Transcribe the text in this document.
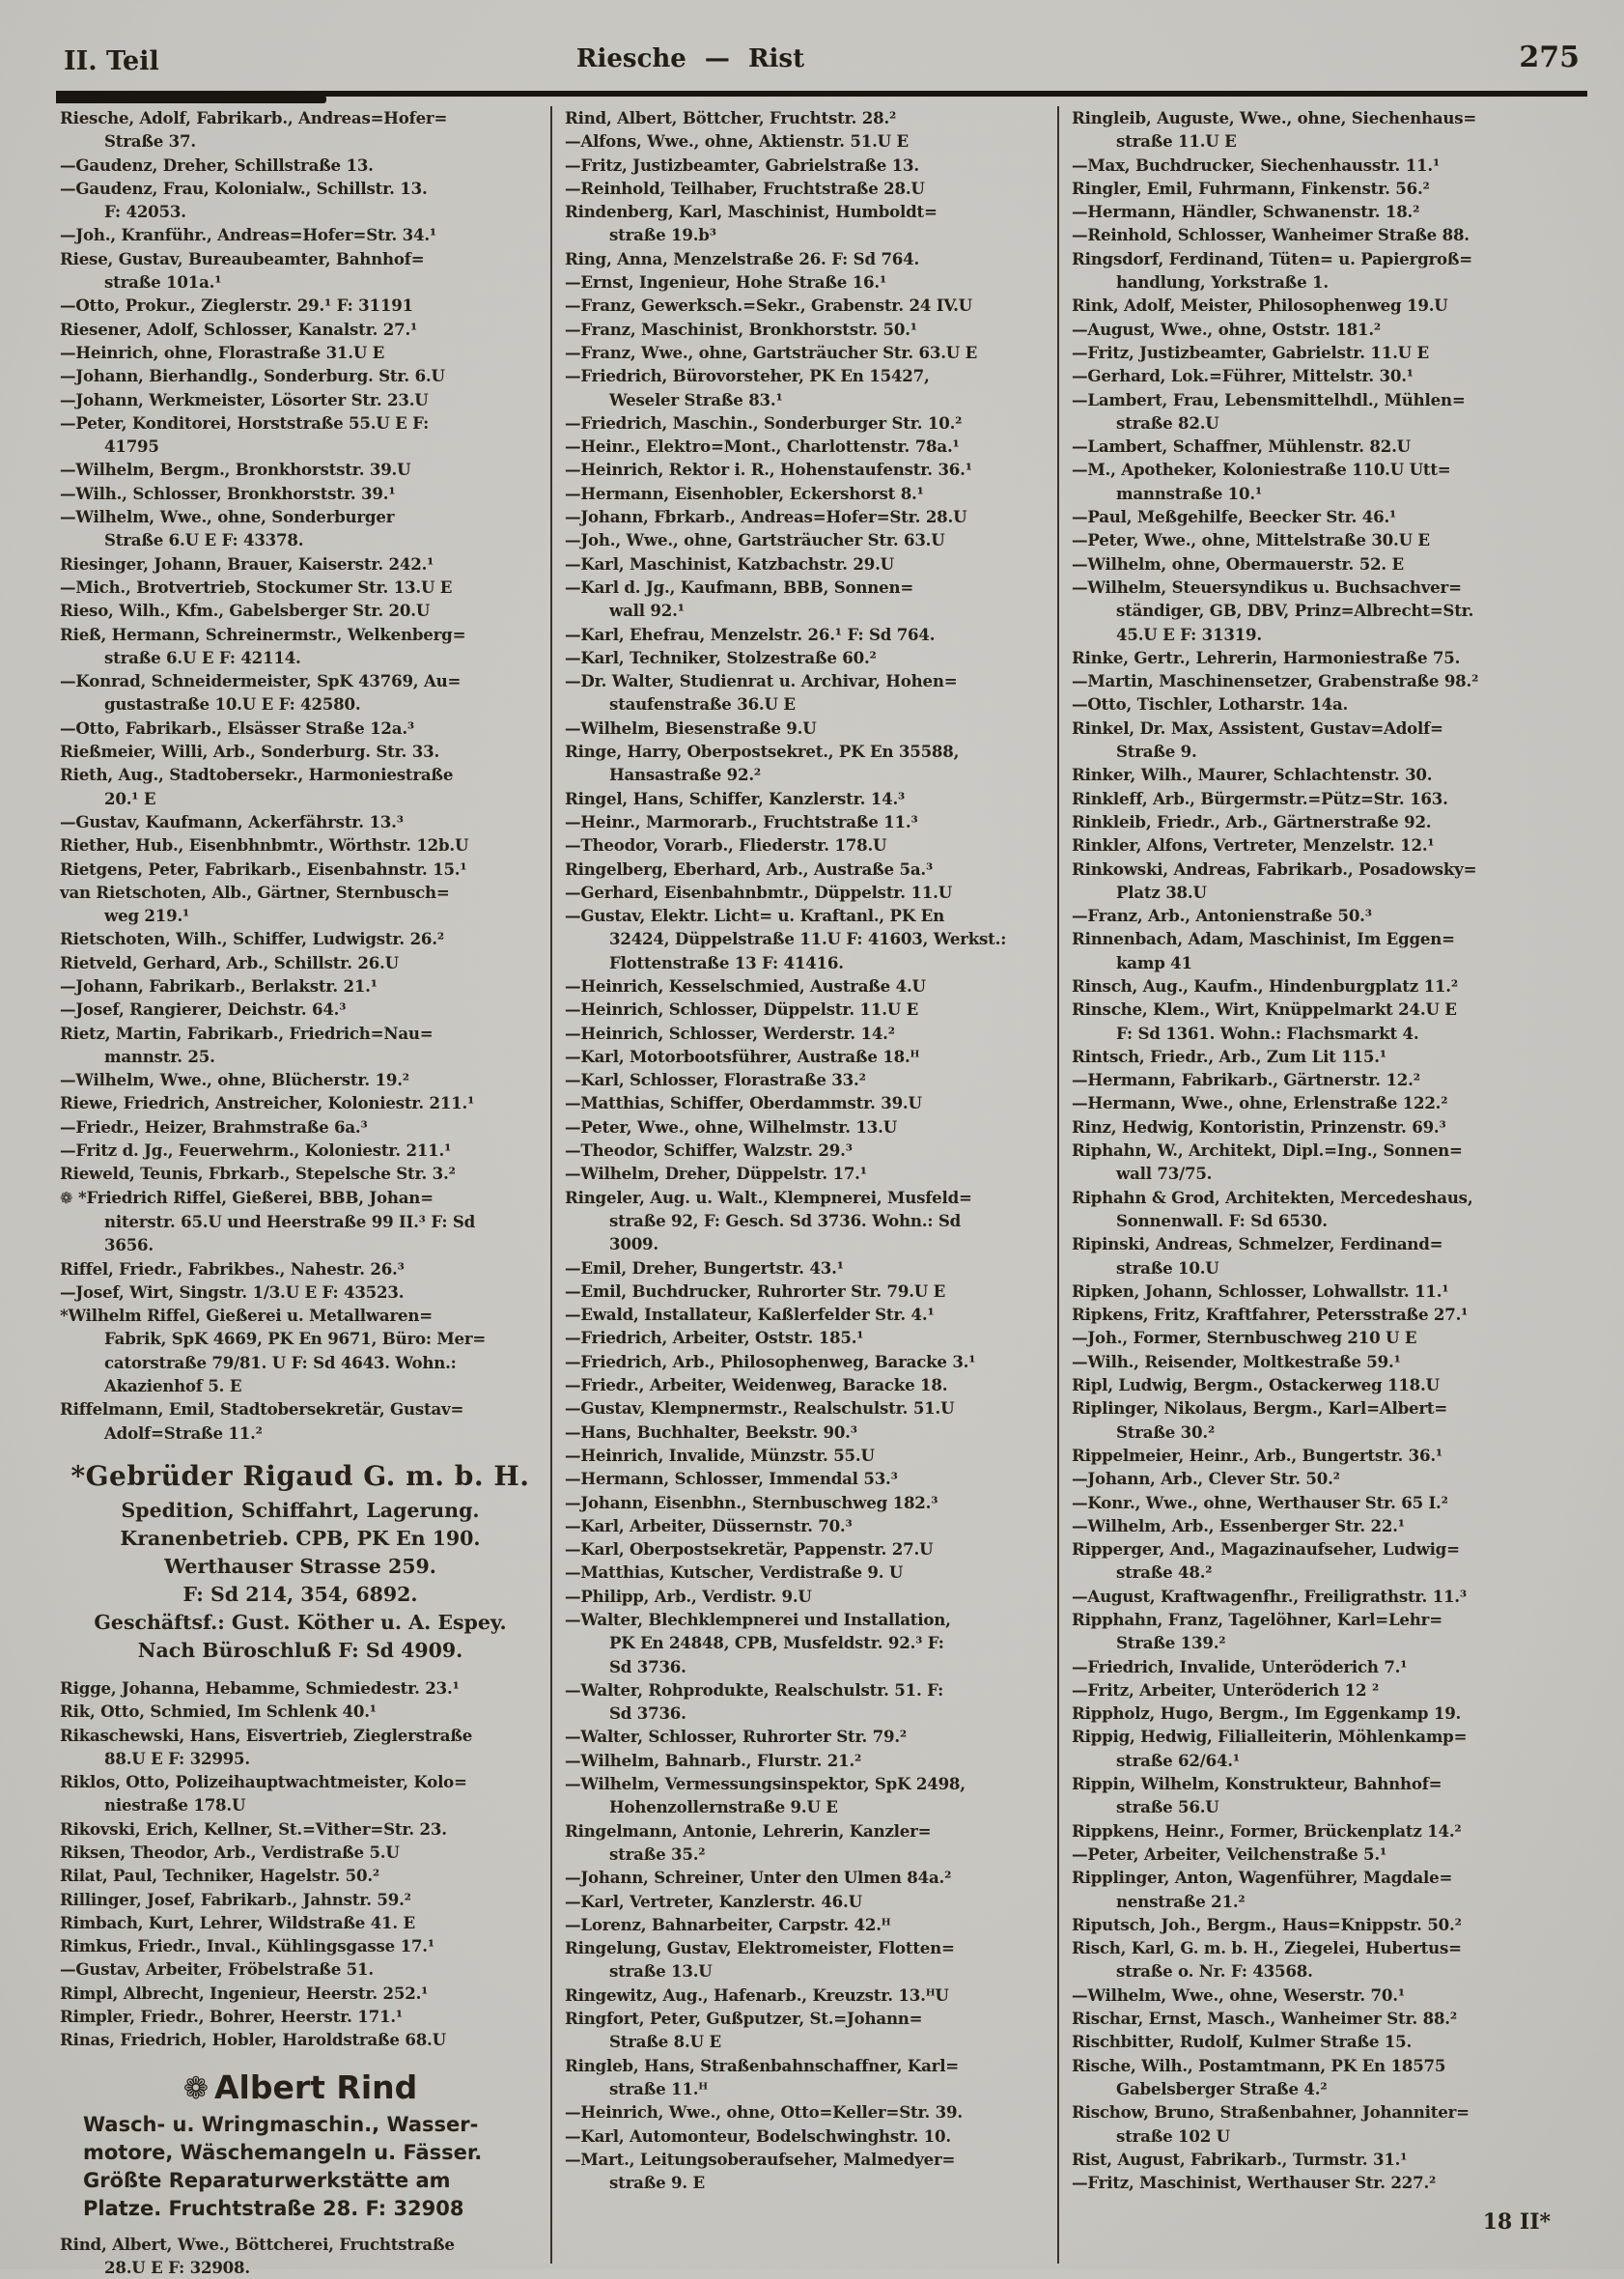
II. Teil	Riesche — Rist	275
Riesche, Adolf, Fabrikarb., Andreas=Hofer=
Straße 37.
—Gaudenz, Dreher, Schillstraße 13.
—Gaudenz, Frau, Kolonialw., Schillstr. 13.
F: 42053.
—Joh., Kranführ., Andreas=Hofer=Str. 34.¹
Riese, Gustav, Bureaubeamter, Bahnhof=
straße 101a.¹
—Otto, Prokur., Zieglerstr. 29.¹ F: 31191
Riesener, Adolf, Schlosser, Kanalstr. 27.¹
—Heinrich, ohne, Florastraße 31.U E
—Johann, Bierhandlg., Sonderburg. Str. 6.U
—Johann, Werkmeister, Lösorter Str. 23.U
—Peter, Konditorei, Horststraße 55.U E F:
41795
—Wilhelm, Bergm., Bronkhorststr. 39.U
—Wilh., Schlosser, Bronkhorststr. 39.¹
—Wilhelm, Wwe., ohne, Sonderburger
Straße 6.U E F: 43378.
Riesinger, Johann, Brauer, Kaiserstr. 242.¹
—Mich., Brotvertrieb, Stockumer Str. 13.U E
Rieso, Wilh., Kfm., Gabelsberger Str. 20.U
Rieß, Hermann, Schreinermstr., Welkenberg=
straße 6.U E F: 42114.
—Konrad, Schneidermeister, SpK 43769, Au=
gustastraße 10.U E F: 42580.
—Otto, Fabrikarb., Elsässer Straße 12a.³
Rießmeier, Willi, Arb., Sonderburg. Str. 33.
Rieth, Aug., Stadtobersekr., Harmoniestraße
20.¹ E
—Gustav, Kaufmann, Ackerfährstr. 13.³
Riether, Hub., Eisenbhnbmtr., Wörthstr. 12b.U
Rietgens, Peter, Fabrikarb., Eisenbahnstr. 15.¹
van Rietschoten, Alb., Gärtner, Sternbusch=
weg 219.¹
Rietschoten, Wilh., Schiffer, Ludwigstr. 26.²
Rietveld, Gerhard, Arb., Schillstr. 26.U
—Johann, Fabrikarb., Berlakstr. 21.¹
—Josef, Rangierer, Deichstr. 64.³
Rietz, Martin, Fabrikarb., Friedrich=Nau=
mannstr. 25.
—Wilhelm, Wwe., ohne, Blücherstr. 19.²
Riewe, Friedrich, Anstreicher, Koloniestr. 211.¹
—Friedr., Heizer, Brahmstraße 6a.³
—Fritz d. Jg., Feuerwehrm., Koloniestr. 211.¹
Rieweld, Teunis, Fbrkarb., Stepelsche Str. 3.²
❁ *Friedrich Riffel, Gießerei, BBB, Johan=
niterstr. 65.U und Heerstraße 99 II.³ F: Sd
3656.
Riffel, Friedr., Fabrikbes., Nahestr. 26.³
—Josef, Wirt, Singstr. 1/3.U E F: 43523.
*Wilhelm Riffel, Gießerei u. Metallwaren=
Fabrik, SpK 4669, PK En 9671, Büro: Mer=
catorstraße 79/81. U F: Sd 4643. Wohn.:
Akazienhof 5. E
Riffelmann, Emil, Stadtobersekretär, Gustav=
Adolf=Straße 11.²
*Gebrüder Rigaud G. m. b. H.
Spedition, Schiffahrt, Lagerung.
Kranenbetrieb. CPB, PK En 190.
Werthauser Strasse 259.
F: Sd 214, 354, 6892.
Geschäftsf.: Gust. Köther u. A. Espey.
Nach Büroschluß F: Sd 4909.
Rigge, Johanna, Hebamme, Schmiedestr. 23.¹
Rik, Otto, Schmied, Im Schlenk 40.¹
Rikaschewski, Hans, Eisvertrieb, Zieglerstraße
88.U E F: 32995.
Riklos, Otto, Polizeihauptwachtmeister, Kolo=
niestraße 178.U
Rikovski, Erich, Kellner, St.=Vither=Str. 23.
Riksen, Theodor, Arb., Verdistraße 5.U
Rilat, Paul, Techniker, Hagelstr. 50.²
Rillinger, Josef, Fabrikarb., Jahnstr. 59.²
Rimbach, Kurt, Lehrer, Wildstraße 41. E
Rimkus, Friedr., Inval., Kühlingsgasse 17.¹
—Gustav, Arbeiter, Fröbelstraße 51.
Rimpl, Albrecht, Ingenieur, Heerstr. 252.¹
Rimpler, Friedr., Bohrer, Heerstr. 171.¹
Rinas, Friedrich, Hobler, Haroldstraße 68.U
❁ Albert Rind
Wasch- u. Wringmaschin., Wasser-
motore, Wäschemangeln u. Fässer.
Größte Reparaturwerkstätte am
Platze. Fruchtstraße 28. F: 32908
Rind, Albert, Wwe., Böttcherei, Fruchtstraße
28.U E F: 32908.
Rind, Albert, Böttcher, Fruchtstr. 28.²
—Alfons, Wwe., ohne, Aktienstr. 51.U E
—Fritz, Justizbeamter, Gabrielstraße 13.
—Reinhold, Teilhaber, Fruchtstraße 28.U
Rindenberg, Karl, Maschinist, Humboldt=
straße 19.b³
Ring, Anna, Menzelstraße 26. F: Sd 764.
—Ernst, Ingenieur, Hohe Straße 16.¹
—Franz, Gewerksch.=Sekr., Grabenstr. 24 IV.U
—Franz, Maschinist, Bronkhorststr. 50.¹
—Franz, Wwe., ohne, Gartsträucher Str. 63.U E
—Friedrich, Bürovorsteher, PK En 15427,
Weseler Straße 83.¹
—Friedrich, Maschin., Sonderburger Str. 10.²
—Heinr., Elektro=Mont., Charlottenstr. 78a.¹
—Heinrich, Rektor i. R., Hohenstaufenstr. 36.¹
—Hermann, Eisenhobler, Eckershorst 8.¹
—Johann, Fbrkarb., Andreas=Hofer=Str. 28.U
—Joh., Wwe., ohne, Gartsträucher Str. 63.U
—Karl, Maschinist, Katzbachstr. 29.U
—Karl d. Jg., Kaufmann, BBB, Sonnen=
wall 92.¹
—Karl, Ehefrau, Menzelstr. 26.¹ F: Sd 764.
—Karl, Techniker, Stolzestraße 60.²
—Dr. Walter, Studienrat u. Archivar, Hohen=
staufenstraße 36.U E
—Wilhelm, Biesenstraße 9.U
Ringe, Harry, Oberpostsekret., PK En 35588,
Hansastraße 92.²
Ringel, Hans, Schiffer, Kanzlerstr. 14.³
—Heinr., Marmorarb., Fruchtstraße 11.³
—Theodor, Vorarb., Fliederstr. 178.U
Ringelberg, Eberhard, Arb., Austraße 5a.³
—Gerhard, Eisenbahnbmtr., Düppelstr. 11.U
—Gustav, Elektr. Licht= u. Kraftanl., PK En
32424, Düppelstraße 11.U F: 41603, Werkst.:
Flottenstraße 13 F: 41416.
—Heinrich, Kesselschmied, Austraße 4.U
—Heinrich, Schlosser, Düppelstr. 11.U E
—Heinrich, Schlosser, Werderstr. 14.²
—Karl, Motorbootsführer, Austraße 18.ᴴ
—Karl, Schlosser, Florastraße 33.²
—Matthias, Schiffer, Oberdammstr. 39.U
—Peter, Wwe., ohne, Wilhelmstr. 13.U
—Theodor, Schiffer, Walzstr. 29.³
—Wilhelm, Dreher, Düppelstr. 17.¹
Ringeler, Aug. u. Walt., Klempnerei, Musfeld=
straße 92, F: Gesch. Sd 3736. Wohn.: Sd
3009.
—Emil, Dreher, Bungertstr. 43.¹
—Emil, Buchdrucker, Ruhrorter Str. 79.U E
—Ewald, Installateur, Kaßlerfelder Str. 4.¹
—Friedrich, Arbeiter, Oststr. 185.¹
—Friedrich, Arb., Philosophenweg, Baracke 3.¹
—Friedr., Arbeiter, Weidenweg, Baracke 18.
—Gustav, Klempnermstr., Realschulstr. 51.U
—Hans, Buchhalter, Beekstr. 90.³
—Heinrich, Invalide, Münzstr. 55.U
—Hermann, Schlosser, Immendal 53.³
—Johann, Eisenbhn., Sternbuschweg 182.³
—Karl, Arbeiter, Düssernstr. 70.³
—Karl, Oberpostsekretär, Pappenstr. 27.U
—Matthias, Kutscher, Verdistraße 9. U
—Philipp, Arb., Verdistr. 9.U
—Walter, Blechklempnerei und Installation,
PK En 24848, CPB, Musfeldstr. 92.³ F:
Sd 3736.
—Walter, Rohprodukte, Realschulstr. 51. F:
Sd 3736.
—Walter, Schlosser, Ruhrorter Str. 79.²
—Wilhelm, Bahnarb., Flurstr. 21.²
—Wilhelm, Vermessungsinspektor, SpK 2498,
Hohenzollernstraße 9.U E
Ringelmann, Antonie, Lehrerin, Kanzler=
straße 35.²
—Johann, Schreiner, Unter den Ulmen 84a.²
—Karl, Vertreter, Kanzlerstr. 46.U
—Lorenz, Bahnarbeiter, Carpstr. 42.ᴴ
Ringelung, Gustav, Elektromeister, Flotten=
straße 13.U
Ringewitz, Aug., Hafenarb., Kreuzstr. 13.ᴴU
Ringfort, Peter, Gußputzer, St.=Johann=
Straße 8.U E
Ringleb, Hans, Straßenbahnschaffner, Karl=
straße 11.ᴴ
—Heinrich, Wwe., ohne, Otto=Keller=Str. 39.
—Karl, Automonteur, Bodelschwinghstr. 10.
—Mart., Leitungsoberaufseher, Malmedyer=
straße 9. E
Ringleib, Auguste, Wwe., ohne, Siechenhaus=
straße 11.U E
—Max, Buchdrucker, Siechenhausstr. 11.¹
Ringler, Emil, Fuhrmann, Finkenstr. 56.²
—Hermann, Händler, Schwanenstr. 18.²
—Reinhold, Schlosser, Wanheimer Straße 88.
Ringsdorf, Ferdinand, Tüten= u. Papiergroß=
handlung, Yorkstraße 1.
Rink, Adolf, Meister, Philosophenweg 19.U
—August, Wwe., ohne, Oststr. 181.²
—Fritz, Justizbeamter, Gabrielstr. 11.U E
—Gerhard, Lok.=Führer, Mittelstr. 30.¹
—Lambert, Frau, Lebensmittelhdl., Mühlen=
straße 82.U
—Lambert, Schaffner, Mühlenstr. 82.U
—M., Apotheker, Koloniestraße 110.U Utt=
mannstraße 10.¹
—Paul, Meßgehilfe, Beecker Str. 46.¹
—Peter, Wwe., ohne, Mittelstraße 30.U E
—Wilhelm, ohne, Obermauerstr. 52. E
—Wilhelm, Steuersyndikus u. Buchsachver=
ständiger, GB, DBV, Prinz=Albrecht=Str.
45.U E F: 31319.
Rinke, Gertr., Lehrerin, Harmoniestraße 75.
—Martin, Maschinensetzer, Grabenstraße 98.²
—Otto, Tischler, Lotharstr. 14a.
Rinkel, Dr. Max, Assistent, Gustav=Adolf=
Straße 9.
Rinker, Wilh., Maurer, Schlachtenstr. 30.
Rinkleff, Arb., Bürgermstr.=Pütz=Str. 163.
Rinkleib, Friedr., Arb., Gärtnerstraße 92.
Rinkler, Alfons, Vertreter, Menzelstr. 12.¹
Rinkowski, Andreas, Fabrikarb., Posadowsky=
Platz 38.U
—Franz, Arb., Antonienstraße 50.³
Rinnenbach, Adam, Maschinist, Im Eggen=
kamp 41
Rinsch, Aug., Kaufm., Hindenburgplatz 11.²
Rinsche, Klem., Wirt, Knüppelmarkt 24.U E
F: Sd 1361. Wohn.: Flachsmarkt 4.
Rintsch, Friedr., Arb., Zum Lit 115.¹
—Hermann, Fabrikarb., Gärtnerstr. 12.²
—Hermann, Wwe., ohne, Erlenstraße 122.²
Rinz, Hedwig, Kontoristin, Prinzenstr. 69.³
Riphahn, W., Architekt, Dipl.=Ing., Sonnen=
wall 73/75.
Riphahn & Grod, Architekten, Mercedeshaus,
Sonnenwall. F: Sd 6530.
Ripinski, Andreas, Schmelzer, Ferdinand=
straße 10.U
Ripken, Johann, Schlosser, Lohwallstr. 11.¹
Ripkens, Fritz, Kraftfahrer, Petersstraße 27.¹
—Joh., Former, Sternbuschweg 210 U E
—Wilh., Reisender, Moltkestraße 59.¹
Ripl, Ludwig, Bergm., Ostackerweg 118.U
Riplinger, Nikolaus, Bergm., Karl=Albert=
Straße 30.²
Rippelmeier, Heinr., Arb., Bungertstr. 36.¹
—Johann, Arb., Clever Str. 50.²
—Konr., Wwe., ohne, Werthauser Str. 65 I.²
—Wilhelm, Arb., Essenberger Str. 22.¹
Ripperger, And., Magazinaufseher, Ludwig=
straße 48.²
—August, Kraftwagenfhr., Freiligrathstr. 11.³
Ripphahn, Franz, Tagelöhner, Karl=Lehr=
Straße 139.²
—Friedrich, Invalide, Unteröderich 7.¹
—Fritz, Arbeiter, Unteröderich 12 ²
Rippholz, Hugo, Bergm., Im Eggenkamp 19.
Rippig, Hedwig, Filialleiterin, Möhlenkamp=
straße 62/64.¹
Rippin, Wilhelm, Konstrukteur, Bahnhof=
straße 56.U
Rippkens, Heinr., Former, Brückenplatz 14.²
—Peter, Arbeiter, Veilchenstraße 5.¹
Ripplinger, Anton, Wagenführer, Magdale=
nenstraße 21.²
Riputsch, Joh., Bergm., Haus=Knippstr. 50.²
Risch, Karl, G. m. b. H., Ziegelei, Hubertus=
straße o. Nr. F: 43568.
—Wilhelm, Wwe., ohne, Weserstr. 70.¹
Rischar, Ernst, Masch., Wanheimer Str. 88.²
Rischbitter, Rudolf, Kulmer Straße 15.
Rische, Wilh., Postamtmann, PK En 18575
Gabelsberger Straße 4.²
Rischow, Bruno, Straßenbahner, Johanniter=
straße 102 U
Rist, August, Fabrikarb., Turmstr. 31.¹
—Fritz, Maschinist, Werthauser Str. 227.²
18 II*
